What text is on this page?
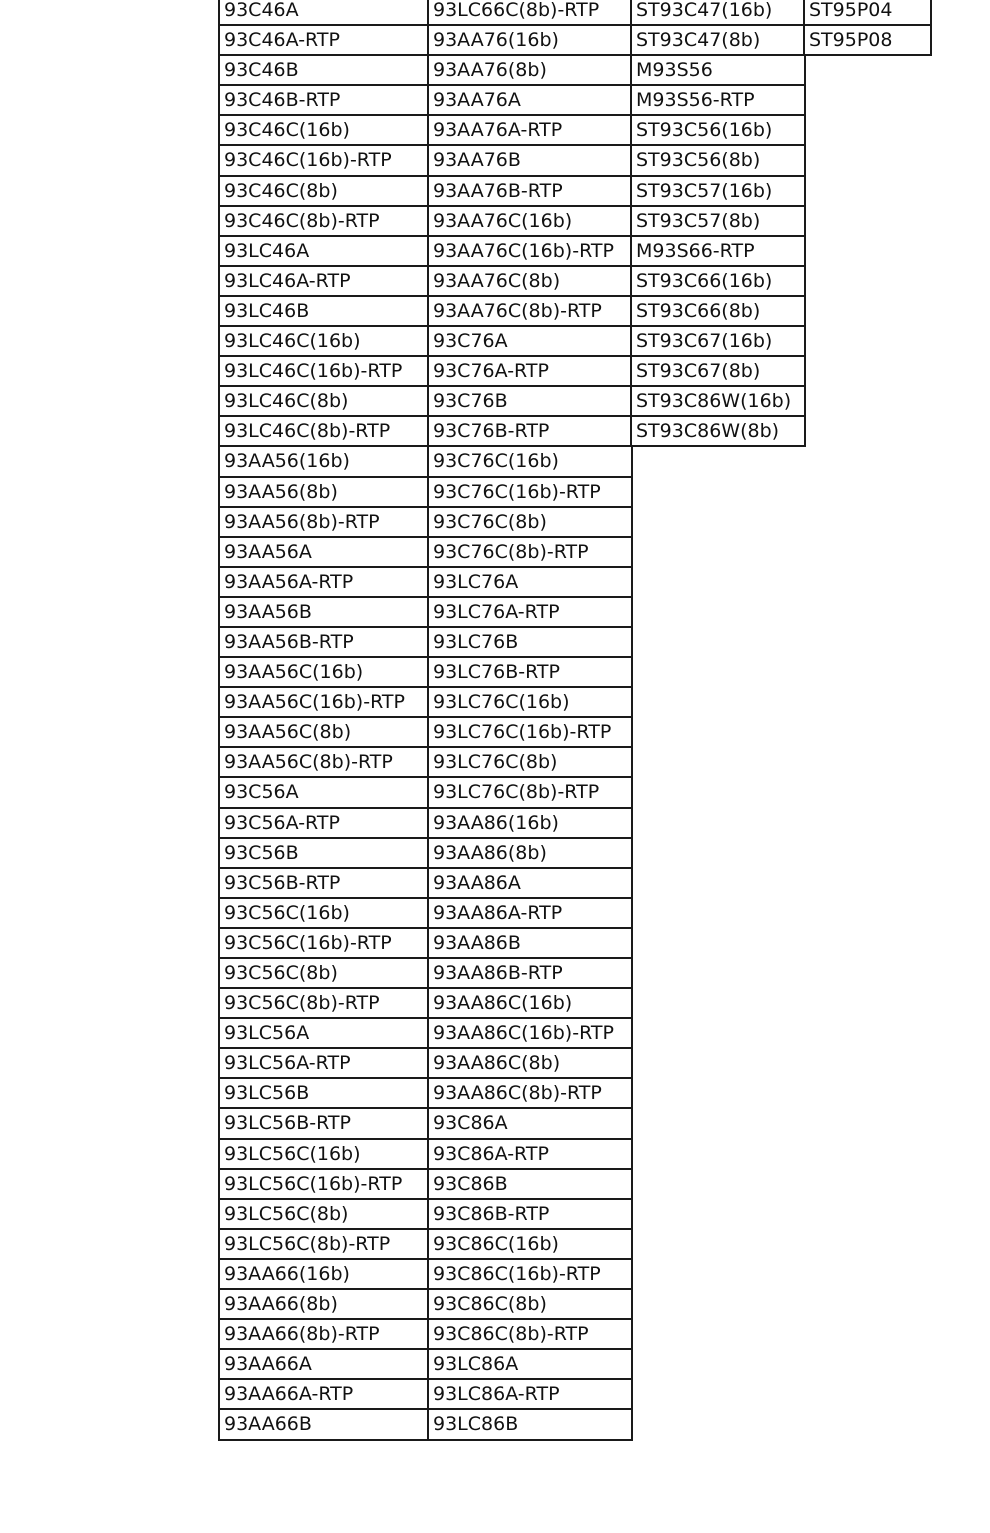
93C46A
93C46A-RTP
93C46B
93C46B-RTP
93C46C(16b)
93C46C(16b)-RTP
93C46C(8b)
93C46C(8b)-RTP
93LC46A
93LC46A-RTP
93LC46B
93LC46C(16b)
93LC46C(16b)-RTP
93LC46C(8b)
93LC46C(8b)-RTP
93AA56(16b)
93AA56(8b)
93AA56(8b)-RTP
93AA56A
93AA56A-RTP
93AA56B
93AA56B-RTP
93AA56C(16b)
93AA56C(16b)-RTP
93AA56C(8b)
93AA56C(8b)-RTP
93C56A
93C56A-RTP
93C56B
93C56B-RTP
93C56C(16b)
93C56C(16b)-RTP
93C56C(8b)
93C56C(8b)-RTP
93LC56A
93LC56A-RTP
93LC56B
93LC56B-RTP
93LC56C(16b)
93LC56C(16b)-RTP
93LC56C(8b)
93LC56C(8b)-RTP
93AA66(16b)
93AA66(8b)
93AA66(8b)-RTP
93AA66A
93AA66A-RTP
93AA66B
93LC66C(8b)-RTP
93AA76(16b)
93AA76(8b)
93AA76A
93AA76A-RTP
93AA76B
93AA76B-RTP
93AA76C(16b)
93AA76C(16b)-RTP
93AA76C(8b)
93AA76C(8b)-RTP
93C76A
93C76A-RTP
93C76B
93C76B-RTP
93C76C(16b)
93C76C(16b)-RTP
93C76C(8b)
93C76C(8b)-RTP
93LC76A
93LC76A-RTP
93LC76B
93LC76B-RTP
93LC76C(16b)
93LC76C(16b)-RTP
93LC76C(8b)
93LC76C(8b)-RTP
93AA86(16b)
93AA86(8b)
93AA86A
93AA86A-RTP
93AA86B
93AA86B-RTP
93AA86C(16b)
93AA86C(16b)-RTP
93AA86C(8b)
93AA86C(8b)-RTP
93C86A
93C86A-RTP
93C86B
93C86B-RTP
93C86C(16b)
93C86C(16b)-RTP
93C86C(8b)
93C86C(8b)-RTP
93LC86A
93LC86A-RTP
93LC86B
ST93C47(16b)
ST93C47(8b)
M93S56
M93S56-RTP
ST93C56(16b)
ST93C56(8b)
ST93C57(16b)
ST93C57(8b)
M93S66-RTP
ST93C66(16b)
ST93C66(8b)
ST93C67(16b)
ST93C67(8b)
ST93C86W(16b)
ST93C86W(8b)
ST95P04
ST95P08
